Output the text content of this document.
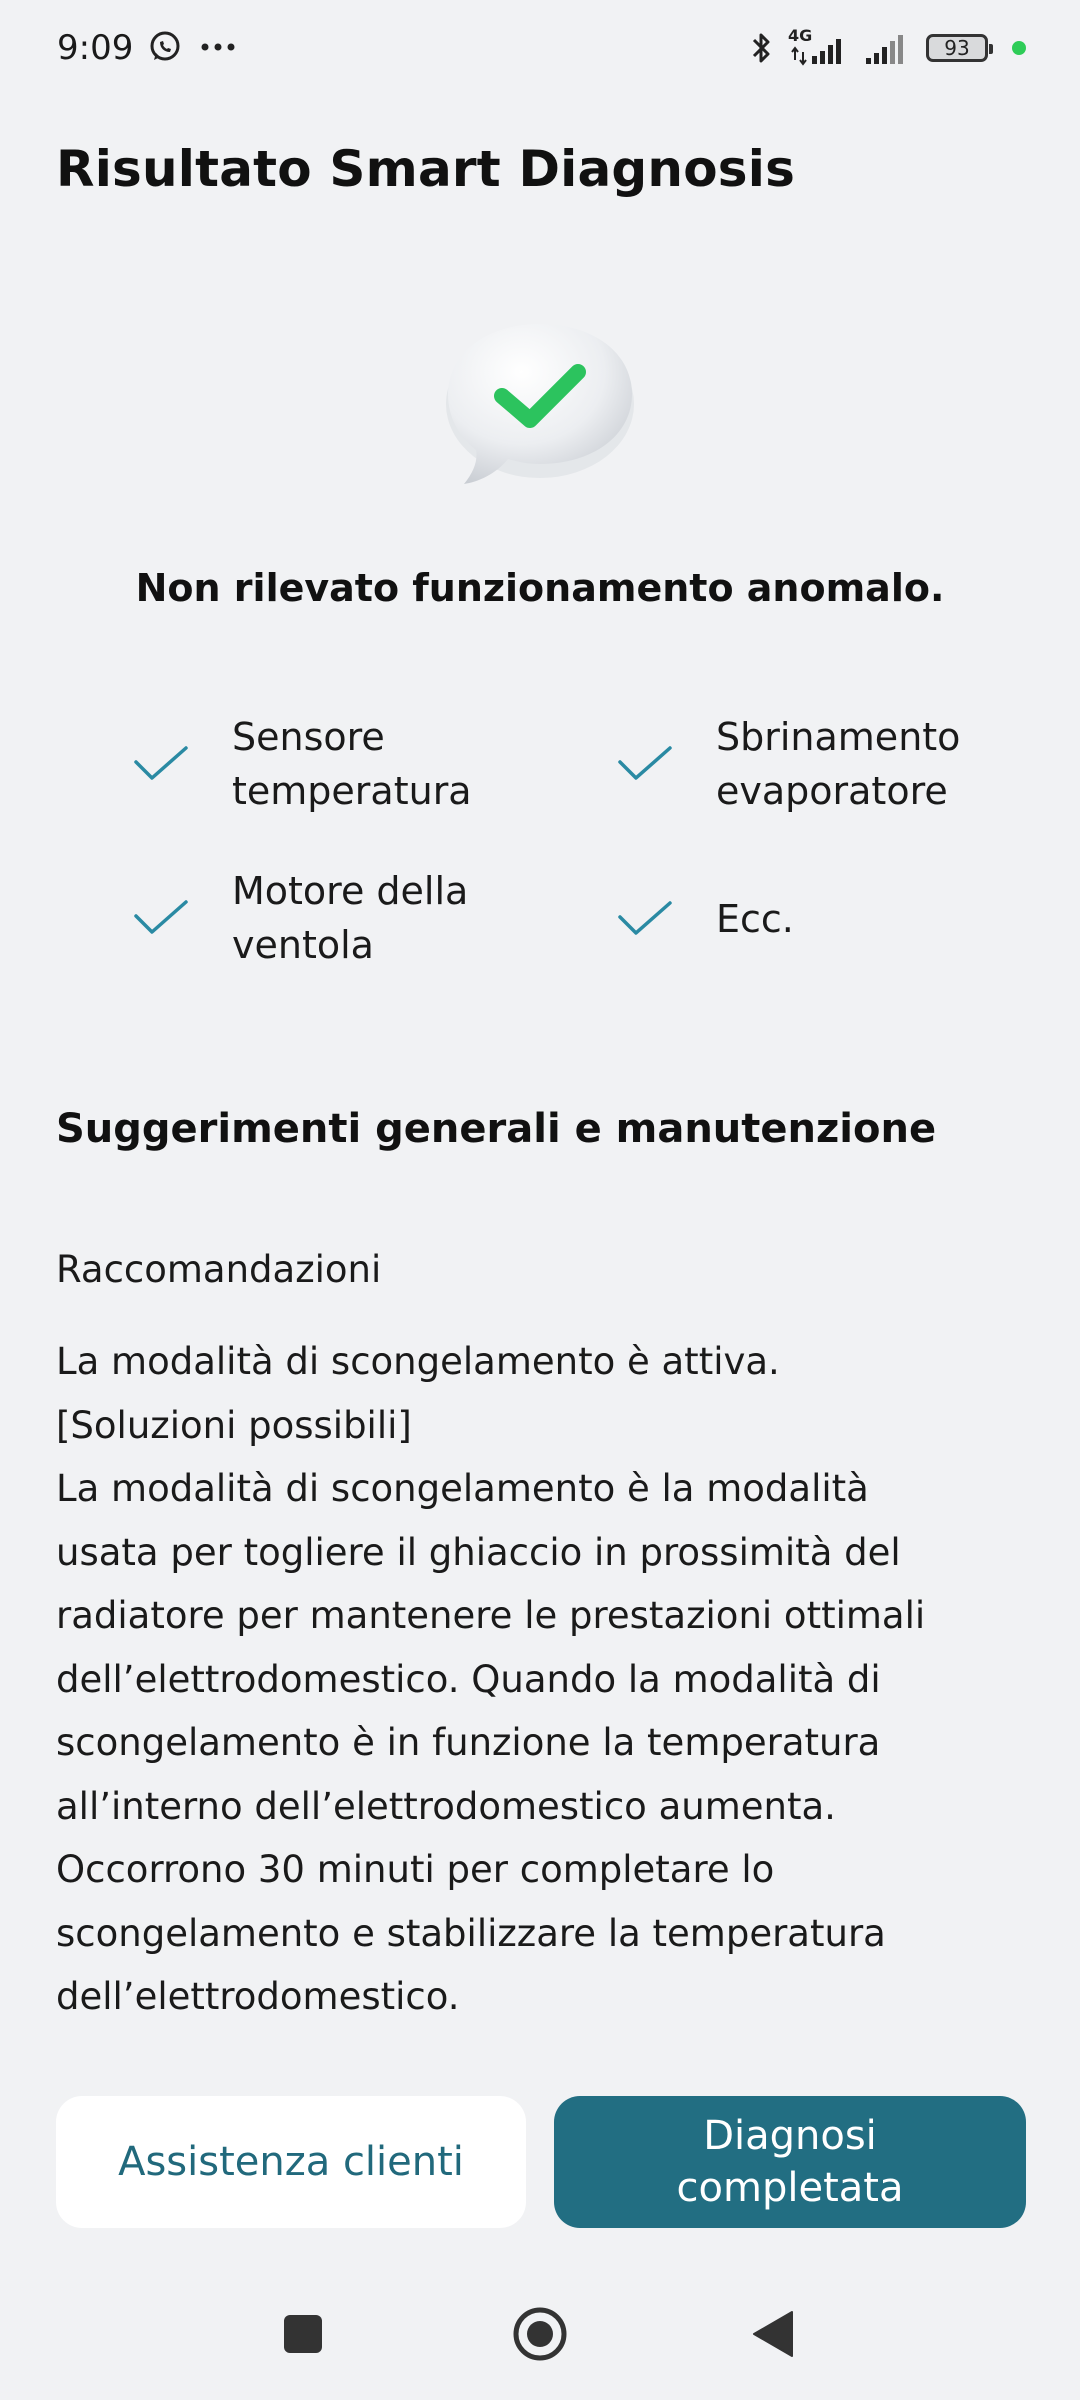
9:09	4G
93
Risultato Smart Diagnosis
Non rilevato funzionamento anomalo.
Sensore
temperatura
Sbrinamento
evaporatore
Motore della
ventola
Ecc.
Suggerimenti generali e manutenzione
Raccomandazioni
La modalità di scongelamento è attiva.
[Soluzioni possibili]
La modalità di scongelamento è la modalità
usata per togliere il ghiaccio in prossimità del
radiatore per mantenere le prestazioni ottimali
dell’elettrodomestico. Quando la modalità di
scongelamento è in funzione la temperatura
all’interno dell’elettrodomestico aumenta.
Occorrono 30 minuti per completare lo
scongelamento e stabilizzare la temperatura
dell’elettrodomestico.
Assistenza clienti
Diagnosi
completata
